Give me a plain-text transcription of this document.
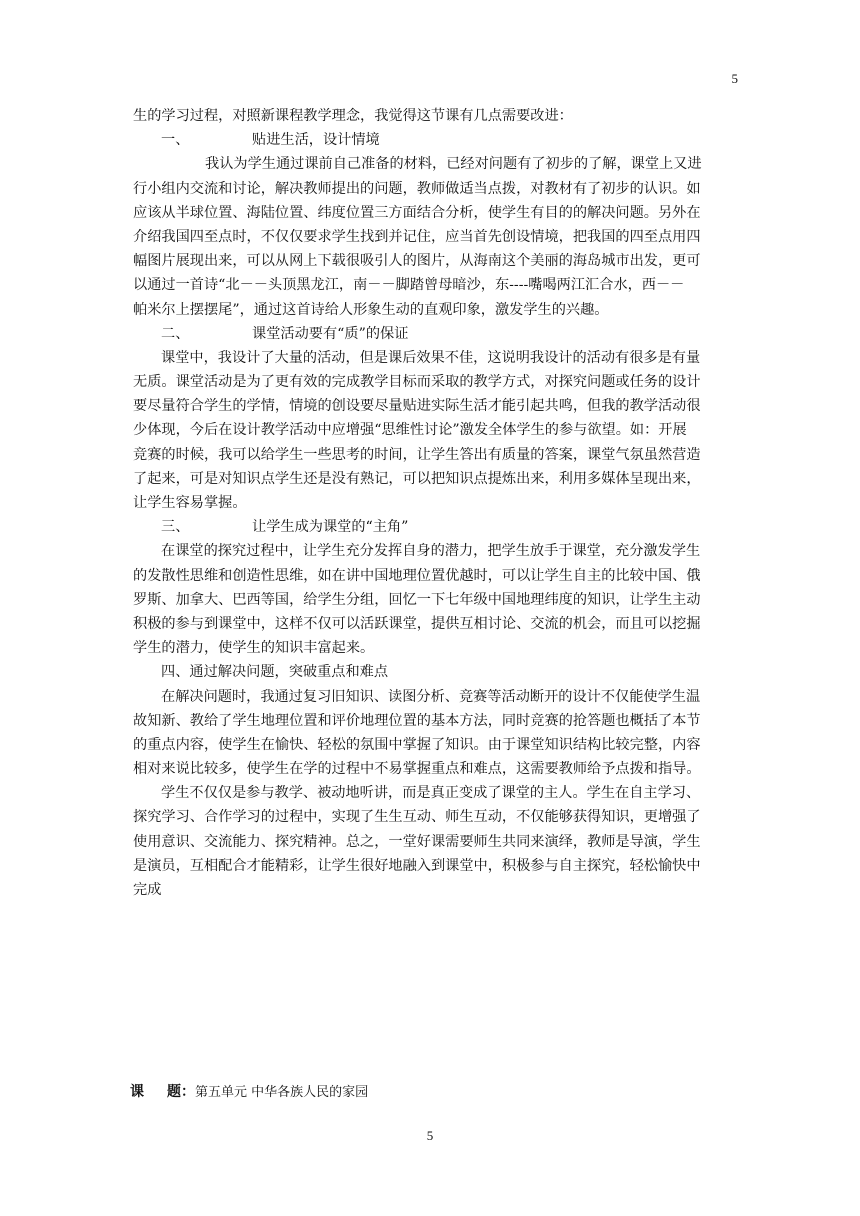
5
生的学习过程，对照新课程教学理念，我觉得这节课有几点需要改进：
一、	贴进生活，设计情境
我认为学生通过课前自己准备的材料，已经对问题有了初步的了解，课堂上又进
行小组内交流和讨论，解决教师提出的问题，教师做适当点拨，对教材有了初步的认识。如
应该从半球位置、海陆位置、纬度位置三方面结合分析，使学生有目的的解决问题。另外在
介绍我国四至点时，不仅仅要求学生找到并记住，应当首先创设情境，把我国的四至点用四
幅图片展现出来，可以从网上下载很吸引人的图片，从海南这个美丽的海岛城市出发，更可
以通过一首诗“北－－头顶黑龙江，南－－脚踏曾母暗沙，东----嘴喝两江汇合水，西－－
帕米尔上摆摆尾”，通过这首诗给人形象生动的直观印象，激发学生的兴趣。
二、	课堂活动要有“质”的保证
课堂中，我设计了大量的活动，但是课后效果不佳，这说明我设计的活动有很多是有量
无质。课堂活动是为了更有效的完成教学目标而采取的教学方式，对探究问题或任务的设计
要尽量符合学生的学情，情境的创设要尽量贴进实际生活才能引起共鸣，但我的教学活动很
少体现，今后在设计教学活动中应增强“思维性讨论”激发全体学生的参与欲望。如：开展
竞赛的时候，我可以给学生一些思考的时间，让学生答出有质量的答案，课堂气氛虽然营造
了起来，可是对知识点学生还是没有熟记，可以把知识点提炼出来，利用多媒体呈现出来，
让学生容易掌握。
三、	让学生成为课堂的“主角”
在课堂的探究过程中，让学生充分发挥自身的潜力，把学生放手于课堂，充分激发学生
的发散性思维和创造性思维，如在讲中国地理位置优越时，可以让学生自主的比较中国、俄
罗斯、加拿大、巴西等国，给学生分组，回忆一下七年级中国地理纬度的知识，让学生主动
积极的参与到课堂中，这样不仅可以活跃课堂，提供互相讨论、交流的机会，而且可以挖掘
学生的潜力，使学生的知识丰富起来。
四、通过解决问题，突破重点和难点
在解决问题时，我通过复习旧知识、读图分析、竞赛等活动断开的设计不仅能使学生温
故知新、教给了学生地理位置和评价地理位置的基本方法，同时竞赛的抢答题也概括了本节
的重点内容，使学生在愉快、轻松的氛围中掌握了知识。由于课堂知识结构比较完整，内容
相对来说比较多，使学生在学的过程中不易掌握重点和难点，这需要教师给予点拨和指导。
学生不仅仅是参与教学、被动地听讲，而是真正变成了课堂的主人。学生在自主学习、
探究学习、合作学习的过程中，实现了生生互动、师生互动，不仅能够获得知识，更增强了
使用意识、交流能力、探究精神。总之，一堂好课需要师生共同来演绎，教师是导演，学生
是演员，互相配合才能精彩，让学生很好地融入到课堂中，积极参与自主探究，轻松愉快中
完成
课 题：第五单元 中华各族人民的家园
5
